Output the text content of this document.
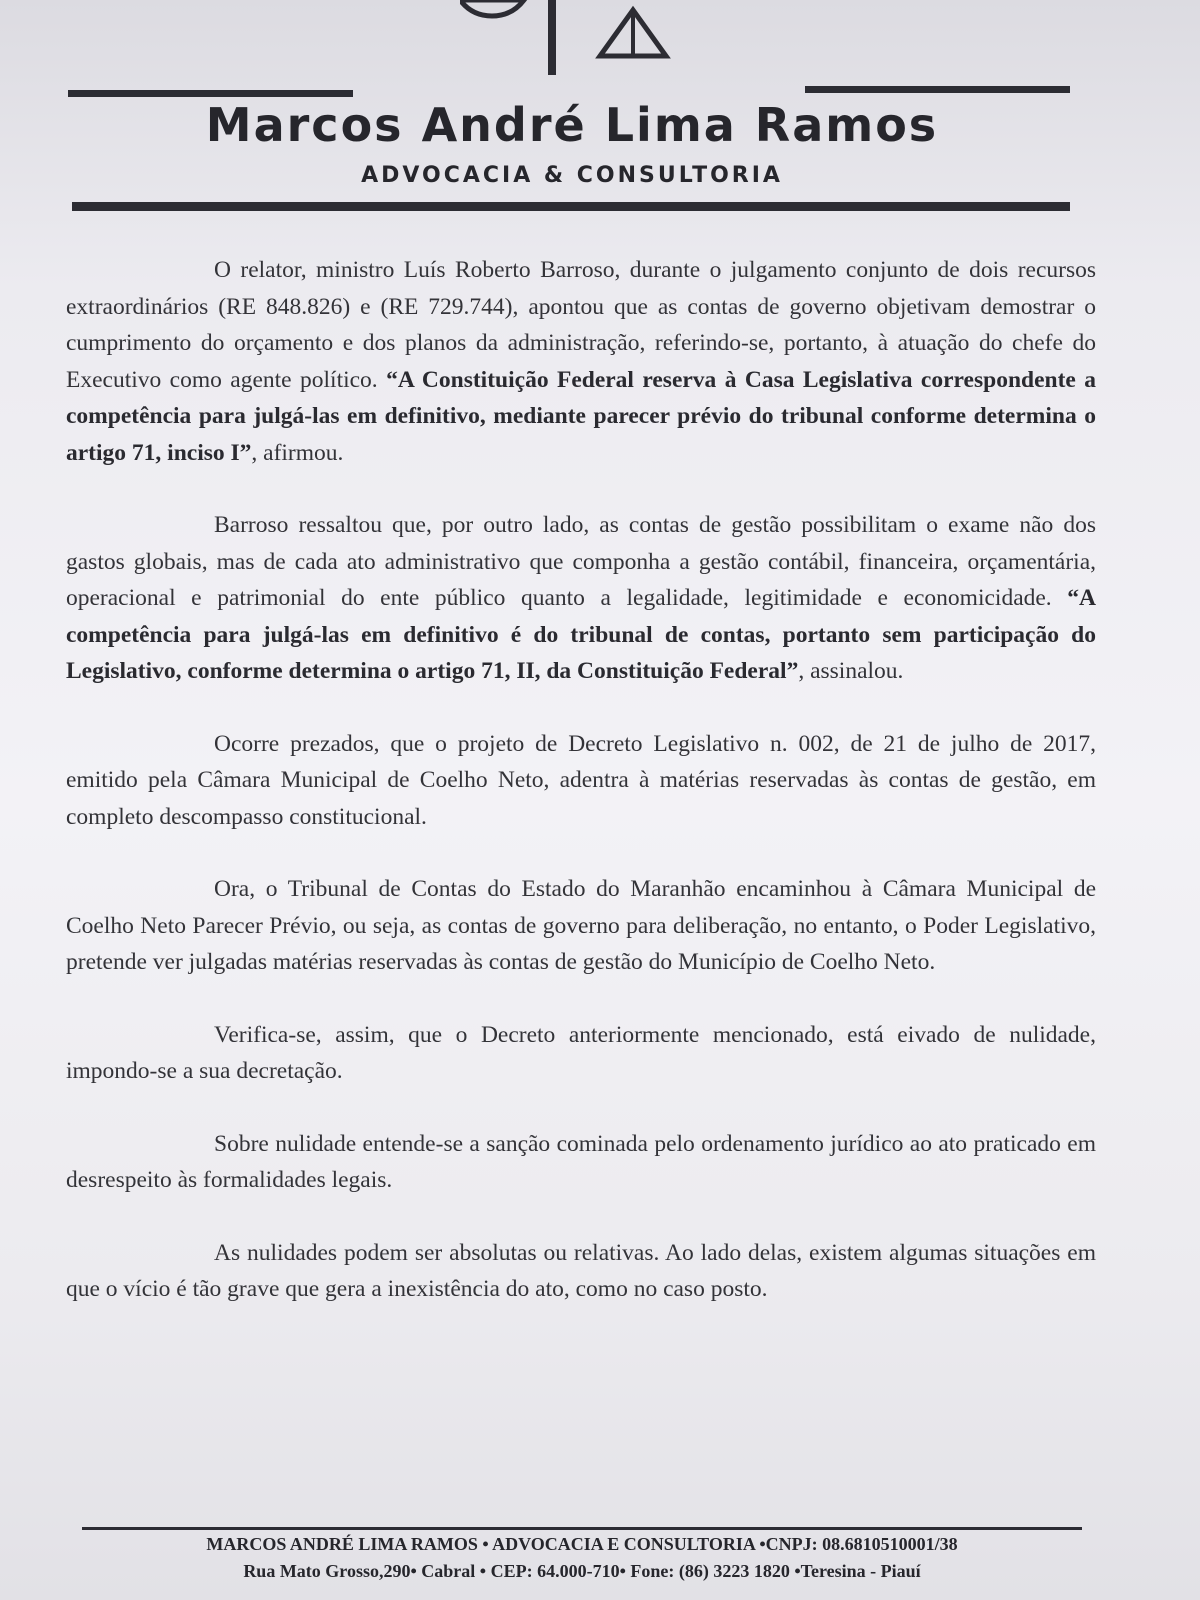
Marcos André Lima Ramos
ADVOCACIA & CONSULTORIA

O relator, ministro Luís Roberto Barroso, durante o julgamento conjunto de dois recursos extraordinários (RE 848.826) e (RE 729.744), apontou que as contas de governo objetivam demostrar o cumprimento do orçamento e dos planos da administração, referindo-se, portanto, à atuação do chefe do Executivo como agente político. “A Constituição Federal reserva à Casa Legislativa correspondente a competência para julgá-las em definitivo, mediante parecer prévio do tribunal conforme determina o artigo 71, inciso I”, afirmou.

Barroso ressaltou que, por outro lado, as contas de gestão possibilitam o exame não dos gastos globais, mas de cada ato administrativo que componha a gestão contábil, financeira, orçamentária, operacional e patrimonial do ente público quanto a legalidade, legitimidade e economicidade. “A competência para julgá-las em definitivo é do tribunal de contas, portanto sem participação do Legislativo, conforme determina o artigo 71, II, da Constituição Federal”, assinalou.

Ocorre prezados, que o projeto de Decreto Legislativo n. 002, de 21 de julho de 2017, emitido pela Câmara Municipal de Coelho Neto, adentra à matérias reservadas às contas de gestão, em completo descompasso constitucional.

Ora, o Tribunal de Contas do Estado do Maranhão encaminhou à Câmara Municipal de Coelho Neto Parecer Prévio, ou seja, as contas de governo para deliberação, no entanto, o Poder Legislativo, pretende ver julgadas matérias reservadas às contas de gestão do Município de Coelho Neto.

Verifica-se, assim, que o Decreto anteriormente mencionado, está eivado de nulidade, impondo-se a sua decretação.

Sobre nulidade entende-se a sanção cominada pelo ordenamento jurídico ao ato praticado em desrespeito às formalidades legais.

As nulidades podem ser absolutas ou relativas. Ao lado delas, existem algumas situações em que o vício é tão grave que gera a inexistência do ato, como no caso posto.

MARCOS ANDRÉ LIMA RAMOS • ADVOCACIA E CONSULTORIA •CNPJ: 08.6810510001/38
Rua Mato Grosso,290• Cabral • CEP: 64.000-710• Fone: (86) 3223 1820 •Teresina - Piauí
